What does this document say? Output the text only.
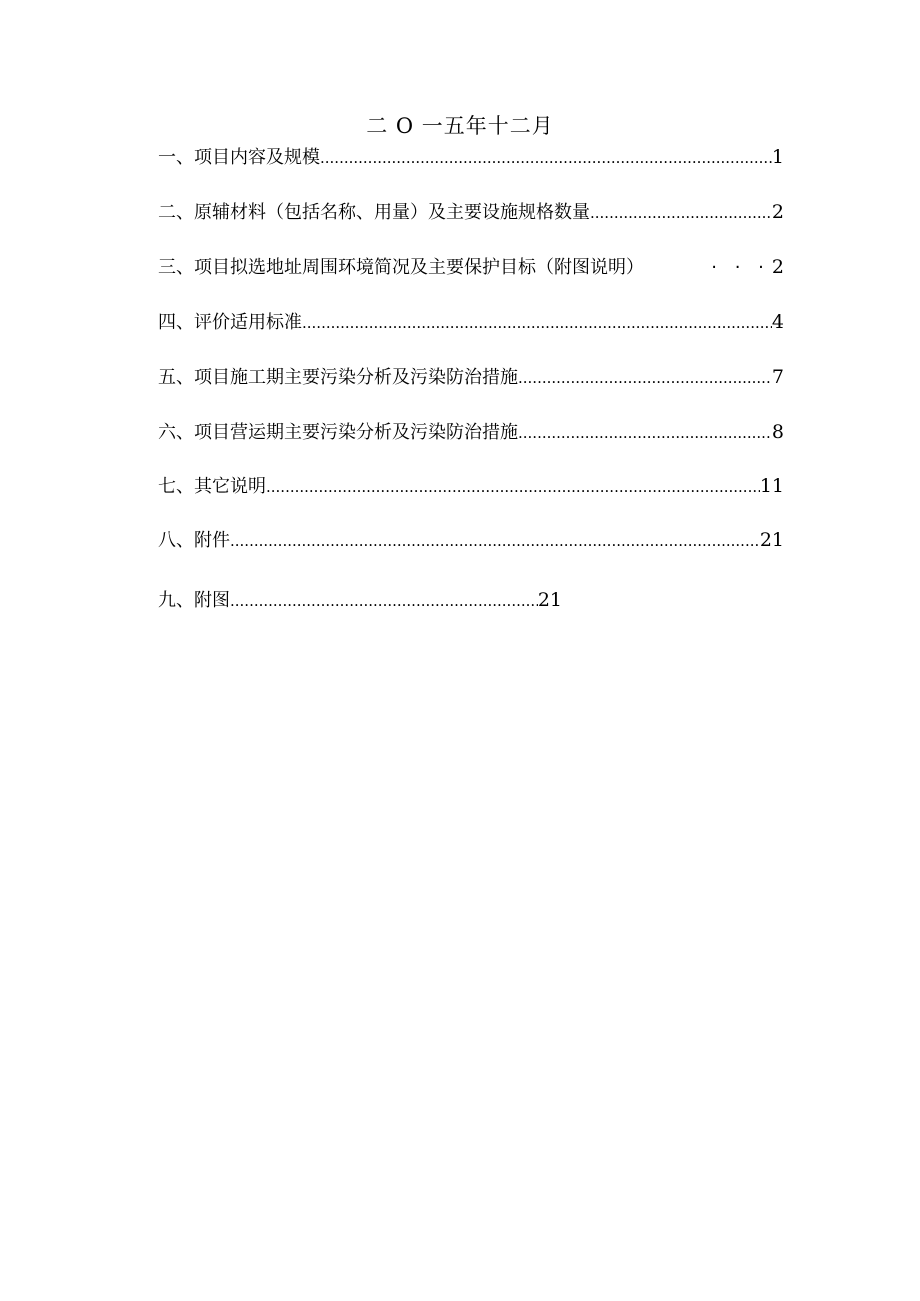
二 O 一五年十二月
一、项目内容及规模 .....	1
二、原辅材料（包括名称、用量）及主要设施规格数量 .....	2
三、项目拟选地址周围环境简况及主要保护目标（附图说明）	· · · 2
四、评价适用标准 .....	4
五、项目施工期主要污染分析及污染防治措施 .....	7
六、项目营运期主要污染分析及污染防治措施 .....	8
七、其它说明 .....	11
八、附件 .....	21
九、附图 .....	21
